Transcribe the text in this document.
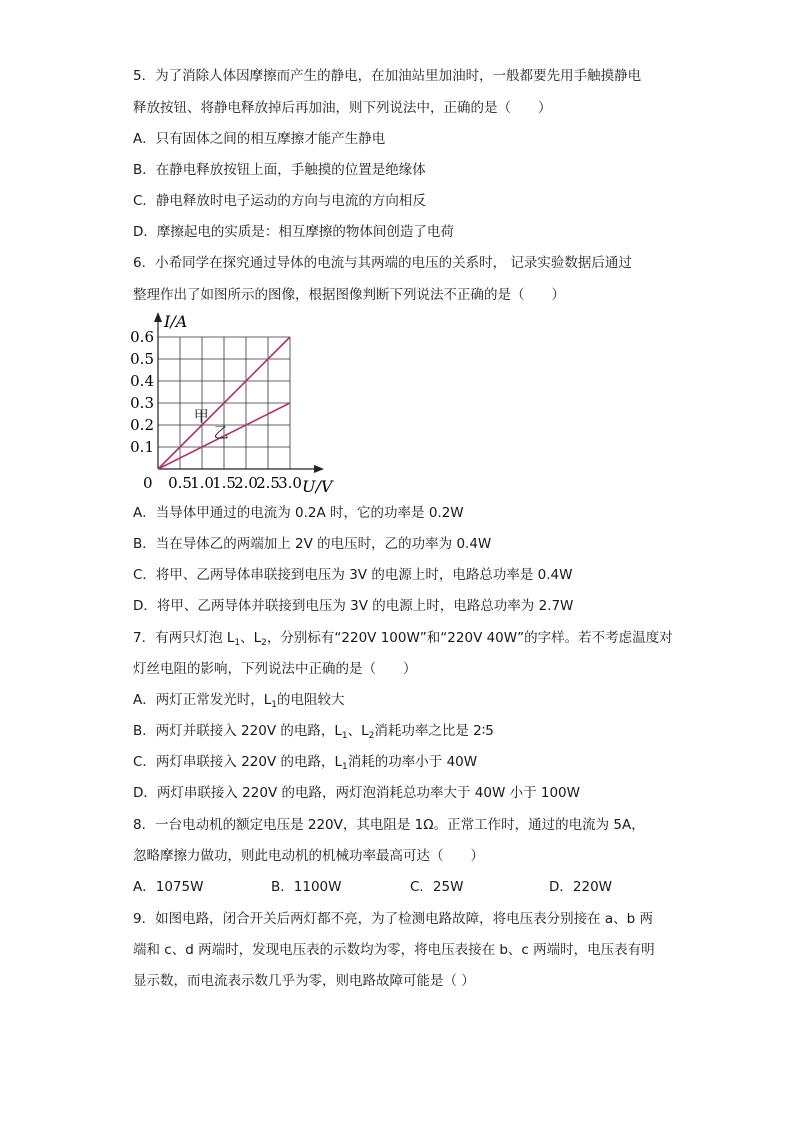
5．为了消除人体因摩擦而产生的静电，在加油站里加油时，一般都要先用手触摸静电
释放按钮、将静电释放掉后再加油，则下列说法中，正确的是（　　）
A．只有固体之间的相互摩擦才能产生静电
B．在静电释放按钮上面，手触摸的位置是绝缘体
C．静电释放时电子运动的方向与电流的方向相反
D．摩擦起电的实质是：相互摩擦的物体间创造了电荷
6．小希同学在探究通过导体的电流与其两端的电压的关系时， 记录实验数据后通过
整理作出了如图所示的图像，根据图像判断下列说法不正确的是（　　）
甲
乙
0.5
1.0
1.5
2.0
2.5
3.0
0.1
0.2
0.3
0.4
0.5
0.6
0
I/A
U/V
A．当导体甲通过的电流为 0.2A 时，它的功率是 0.2W
B．当在导体乙的两端加上 2V 的电压时，乙的功率为 0.4W
C．将甲、乙两导体串联接到电压为 3V 的电源上时，电路总功率是 0.4W
D．将甲、乙两导体并联接到电压为 3V 的电源上时，电路总功率为 2.7W
7．有两只灯泡 $L_1$、$L_2$，分别标有“220V 100W”和“220V 40W”的字样。若不考虑温度对
灯丝电阻的影响，下列说法中正确的是（　　）
A．两灯正常发光时，$L_1$的电阻较大
B．两灯并联接入 220V 的电路，$L_1$、$L_2$消耗功率之比是 2∶5
C．两灯串联接入 220V 的电路，$L_1$消耗的功率小于 40W
D．两灯串联接入 220V 的电路，两灯泡消耗总功率大于 40W 小于 100W
8．一台电动机的额定电压是 220V，其电阻是 1Ω。正常工作时，通过的电流为 5A，
忽略摩擦力做功，则此电动机的机械功率最高可达（　　）
A．1075W	B．1100W	C．25W	D．220W
9．如图电路，闭合开关后两灯都不亮，为了检测电路故障，将电压表分别接在 a、b 两
端和 c、d 两端时，发现电压表的示数均为零，将电压表接在 b、c 两端时，电压表有明
显示数，而电流表示数几乎为零，则电路故障可能是（ ）
